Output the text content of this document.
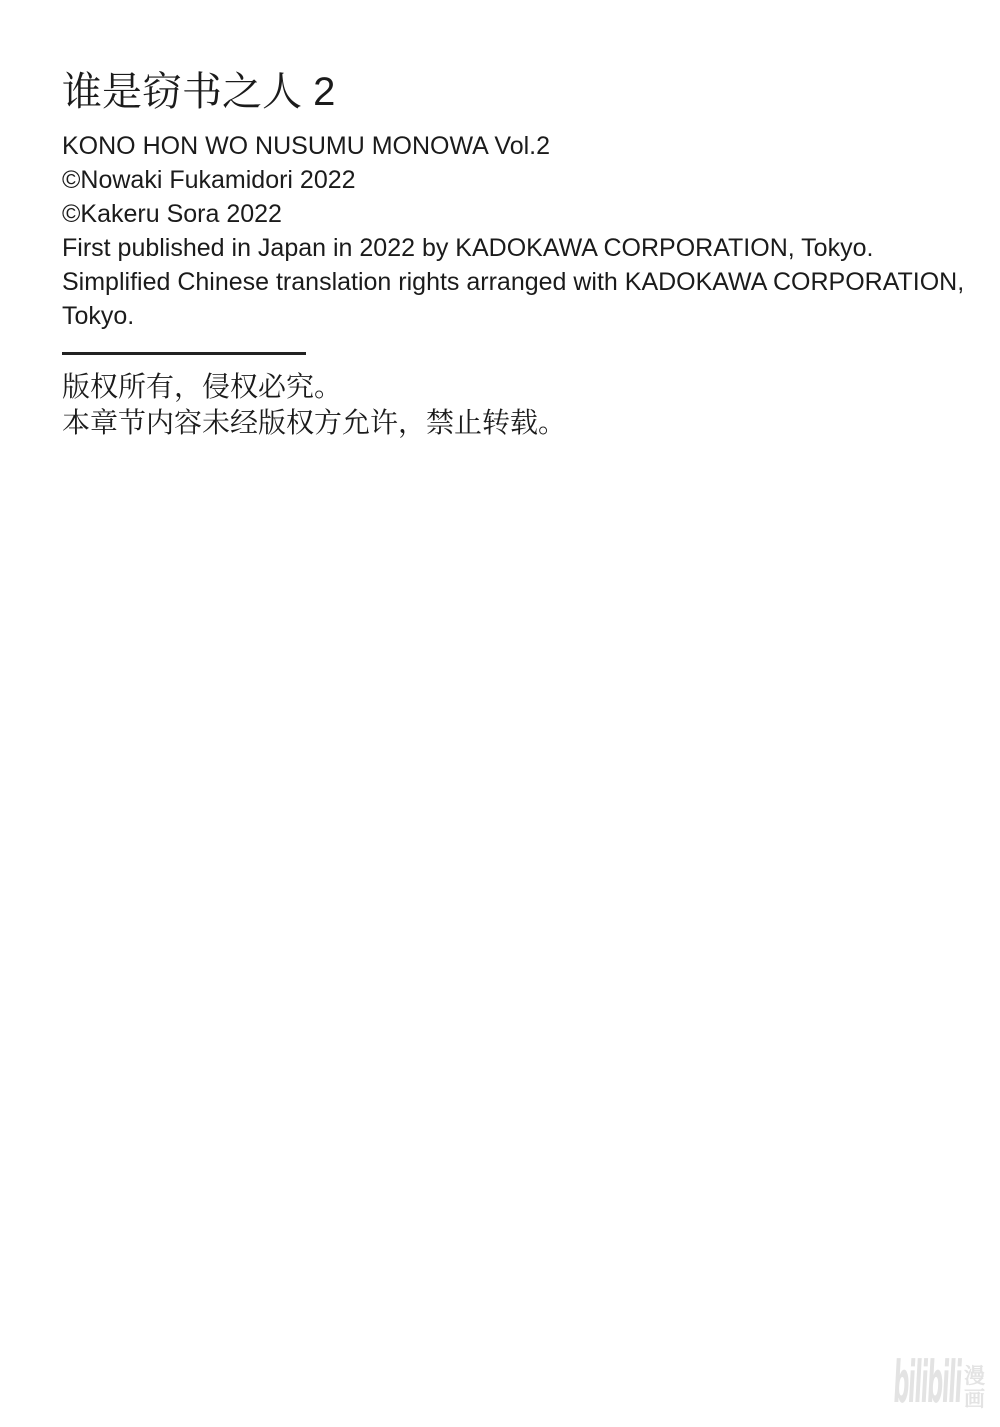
谁是窃书之人 2
KONO HON WO NUSUMU MONOWA Vol.2
©Nowaki Fukamidori 2022
©Kakeru Sora 2022
First published in Japan in 2022 by KADOKAWA CORPORATION, Tokyo.
Simplified Chinese translation rights arranged with KADOKAWA CORPORATION,
Tokyo.
版权所有，侵权必究。
本章节内容未经版权方允许，禁止转载。
bilibili 漫
画
